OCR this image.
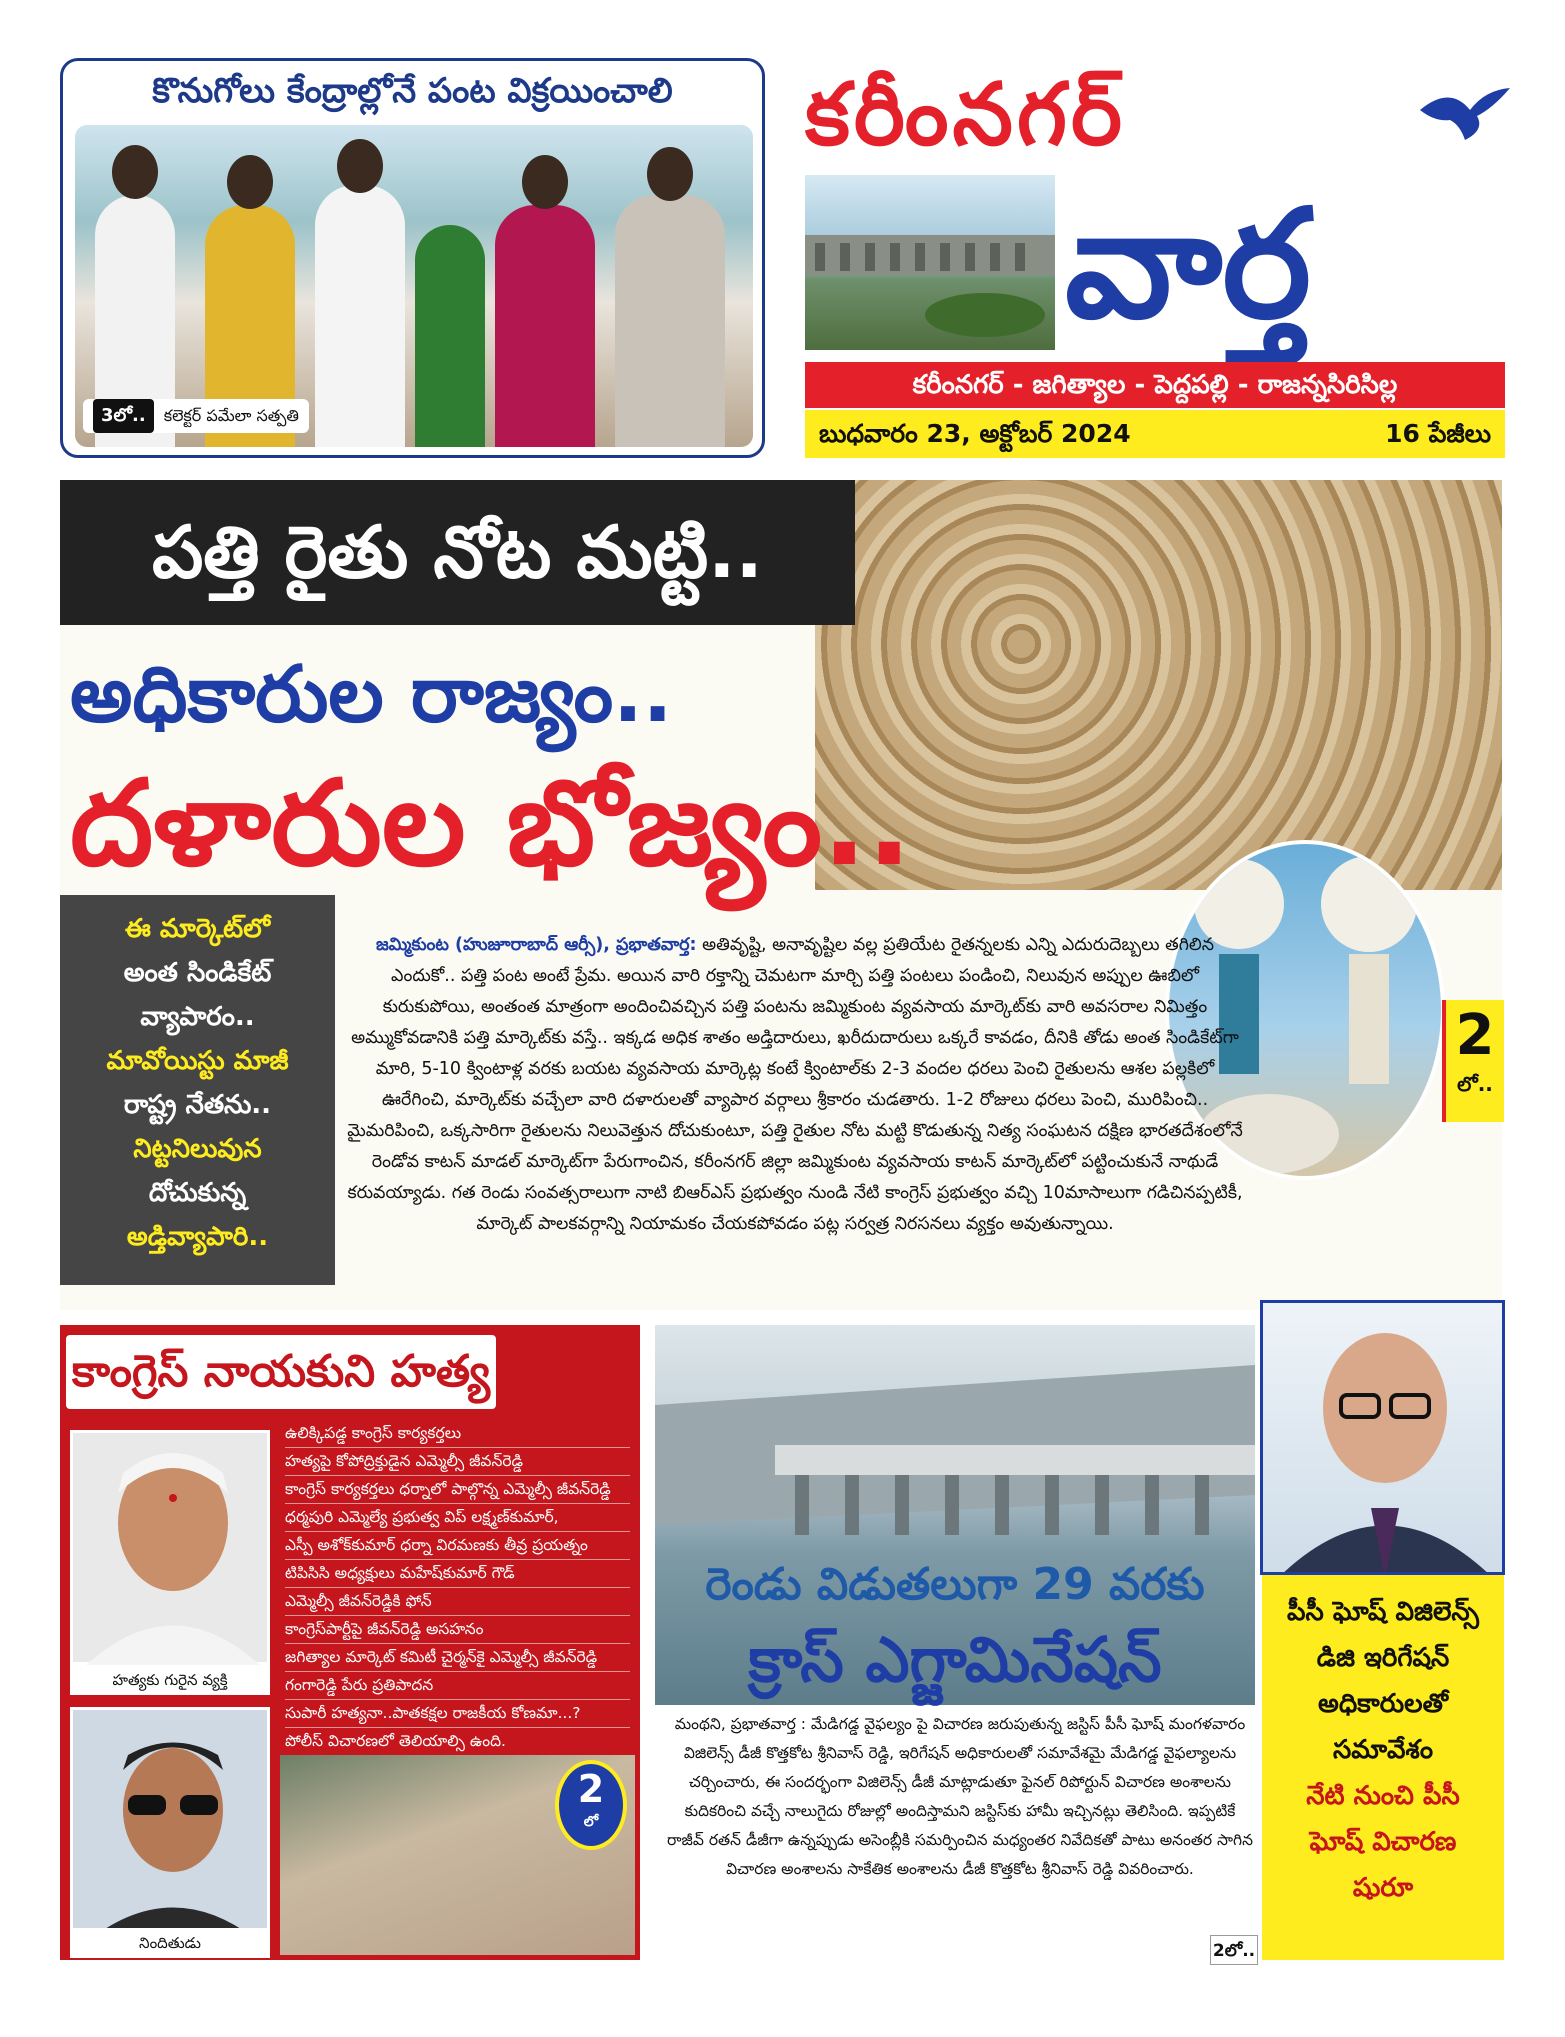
కొనుగోలు కేంద్రాల్లోనే పంట విక్రయించాలి
3లో..	కలెక్టర్ పమేలా సత్పతి
కరీంనగర్
వార్త
కరీంనగర్ - జగిత్యాల - పెద్దపల్లి - రాజన్నసిరిసిల్ల
బుధవారం 23, అక్టోబర్ 2024	16 పేజీలు
పత్తి రైతు నోట మట్టి..
అధికారుల రాజ్యం..
దళారుల భోజ్యం..
ఈ మార్కెట్‌లో
అంత సిండికేట్
వ్యాపారం..
మావోయిస్టు మాజీ
రాష్ట్ర నేతను..
నిట్టనిలువున
దోచుకున్న
అడ్తివ్యాపారి..
జమ్మికుంట (హుజూరాబాద్ ఆర్సీ), ప్రభాతవార్త: అతివృష్టి, అనావృష్టిల వల్ల ప్రతియేట రైతన్నలకు ఎన్ని ఎదురుదెబ్బలు తగిలిన ఎందుకో.. పత్తి పంట అంటే ప్రేమ. అయిన వారి రక్తాన్ని చెమటగా మార్చి పత్తి పంటలు పండించి, నిలువున అప్పుల ఊబిలో కురుకుపోయి, అంతంత మాత్రంగా అందించివచ్చిన పత్తి పంటను జమ్మికుంట వ్యవసాయ మార్కెట్‌కు వారి అవసరాల నిమిత్తం అమ్ముకోవడానికి పత్తి మార్కెట్‌కు వస్తే.. ఇక్కడ అధిక శాతం అడ్తిదారులు, ఖరీదుదారులు ఒక్కరే కావడం, దీనికి తోడు అంత సిండికేట్‌గా మారి, 5-10 క్వింటాళ్ల వరకు బయట వ్యవసాయ మార్కెట్ల కంటే క్వింటాల్‌కు 2-3 వందల ధరలు పెంచి రైతులను ఆశల పల్లకిలో ఊరేగించి, మార్కెట్‌కు వచ్చేలా వారి దళారులతో వ్యాపార వర్గాలు శ్రీకారం చుడతారు. 1-2 రోజులు ధరలు పెంచి, మురిపించి.. మైమరిపించి, ఒక్కసారిగా రైతులను నిలువెత్తున దోచుకుంటూ, పత్తి రైతుల నోట మట్టి కొడుతున్న నిత్య సంఘటన దక్షిణ భారతదేశంలోనే రెండోవ కాటన్ మాడల్ మార్కెట్‌గా పేరుగాంచిన, కరీంనగర్ జిల్లా జమ్మికుంట వ్యవసాయ కాటన్ మార్కెట్‌లో పట్టించుకునే నాథుడే కరువయ్యాడు. గత రెండు సంవత్సరాలుగా నాటి బిఆర్ఎస్ ప్రభుత్వం నుండి నేటి కాంగ్రెస్ ప్రభుత్వం వచ్చి 10మాసాలుగా గడిచినప్పటికీ, మార్కెట్ పాలకవర్గాన్ని నియామకం చేయకపోవడం పట్ల సర్వత్ర నిరసనలు వ్యక్తం అవుతున్నాయి.
2
లో..
కాంగ్రెస్ నాయకుని హత్య
హత్యకు గురైన వ్యక్తి
నిందితుడు
ఉలిక్కిపడ్డ కాంగ్రెస్ కార్యకర్తలు
హత్యపై కోపోద్రిక్తుడైన ఎమ్మెల్సీ జీవన్‌రెడ్డి
కాంగ్రెస్ కార్యకర్తలు ధర్నాలో పాల్గొన్న ఎమ్మెల్సీ జీవన్‌రెడ్డి
ధర్మపురి ఎమ్మెల్యే ప్రభుత్వ విప్ లక్ష్మణ్‌కుమార్,
ఎస్పీ అశోక్‌కుమార్ ధర్నా విరమణకు తీవ్ర ప్రయత్నం
టిపిసిసి అధ్యక్షులు మహేష్‌కుమార్ గౌడ్
ఎమ్మెల్సీ జీవన్‌రెడ్డికి ఫోన్
కాంగ్రెస్‌పార్టీపై జీవన్‌రెడ్డి అసహనం
జగిత్యాల మార్కెట్ కమిటీ చైర్మన్‌కై ఎమ్మెల్సీ జీవన్‌రెడ్డి
గంగారెడ్డి పేరు ప్రతిపాదన
సుపారీ హత్యనా..పాతకక్షల రాజకీయ కోణమా...?
పోలీస్ విచారణలో తెలియాల్సి ఉంది.
2
లో
రెండు విడుతలుగా 29 వరకు
క్రాస్ ఎగ్జామినేషన్
మంథని, ప్రభాతవార్త : మేడిగడ్డ వైఫల్యం పై విచారణ జరుపుతున్న జస్టిస్ పీసీ ఘోష్ మంగళవారం విజిలెన్స్ డీజీ కొత్తకోట శ్రీనివాస్ రెడ్డి, ఇరిగేషన్ అధికారులతో సమావేశమై మేడిగడ్డ వైఫల్యాలను చర్చించారు, ఈ సందర్భంగా విజిలెన్స్ డీజీ మాట్లాడుతూ ఫైనల్ రిపోర్టున్ విచారణ అంశాలను కుదికరించి వచ్చే నాలుగైదు రోజుల్లో అందిస్తామని జస్టిస్‌కు హామీ ఇచ్చినట్లు తెలిసింది. ఇప్పటికే రాజీవ్ రతన్ డీజీగా ఉన్నప్పుడు అసెంబ్లీకి సమర్పించిన మధ్యంతర నివేదికతో పాటు అనంతర సాగిన విచారణ అంశాలను సాకేతిక అంశాలను డీజీ కొత్తకోట శ్రీనివాస్ రెడ్డి వివరించారు.
2లో..
పీసీ ఘోష్ విజిలెన్స్
డిజి ఇరిగేషన్
అధికారులతో
సమావేశం
నేటి నుంచి పీసీ
ఘోష్ విచారణ
షురూ
